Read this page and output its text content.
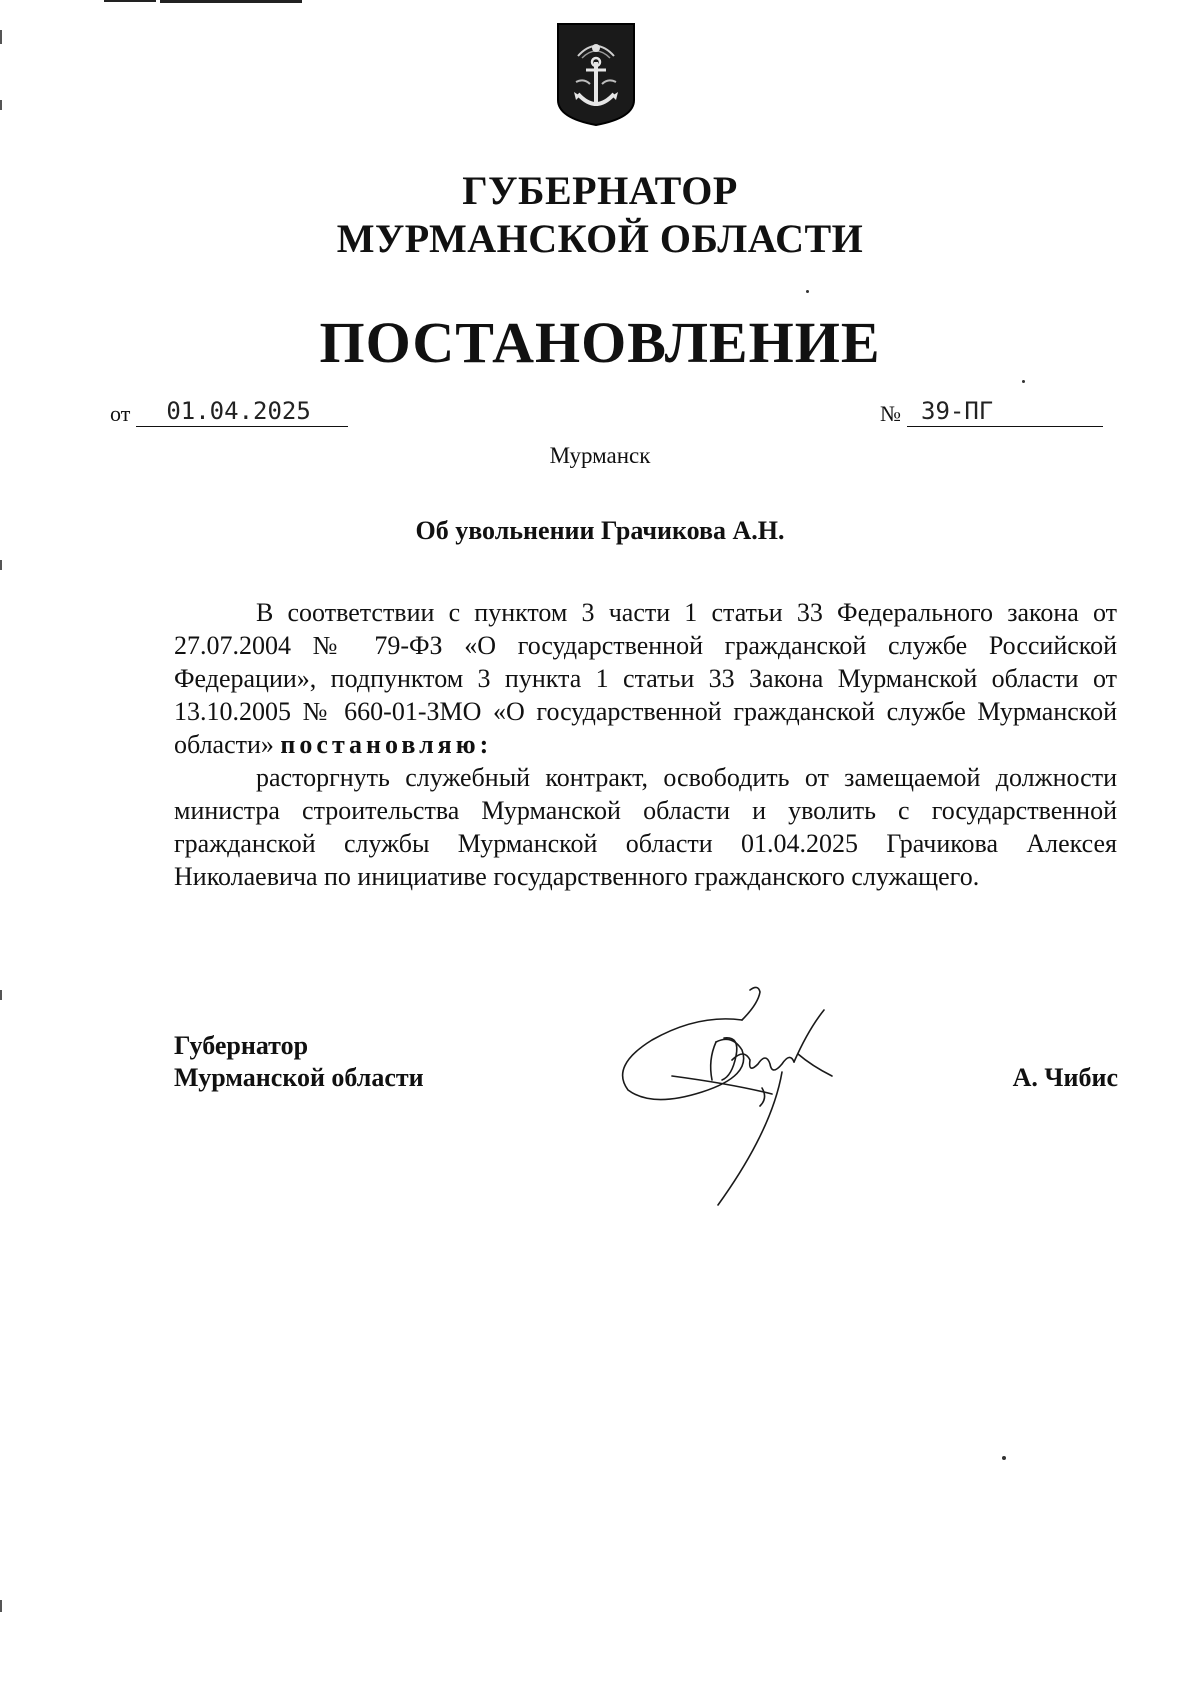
ГУБЕРНАТОР
МУРМАНСКОЙ ОБЛАСТИ
ПОСТАНОВЛЕНИЕ
от	01.04.2025	№ 39-ПГ
Мурманск
Об увольнении Грачикова А.Н.

В соответствии с пунктом 3 части 1 статьи 33 Федерального закона от 27.07.2004 № 79-ФЗ «О государственной гражданской службе Российской Федерации», подпунктом 3 пункта 1 статьи 33 Закона Мурманской области от 13.10.2005 № 660-01-ЗМО «О государственной гражданской службе Мурманской области» постановляю:

расторгнуть служебный контракт, освободить от замещаемой должности министра строительства Мурманской области и уволить с государственной гражданской службы Мурманской области 01.04.2025 Грачикова Алексея Николаевича по инициативе государственного гражданского служащего.

Губернатор
Мурманской области	А. Чибис
